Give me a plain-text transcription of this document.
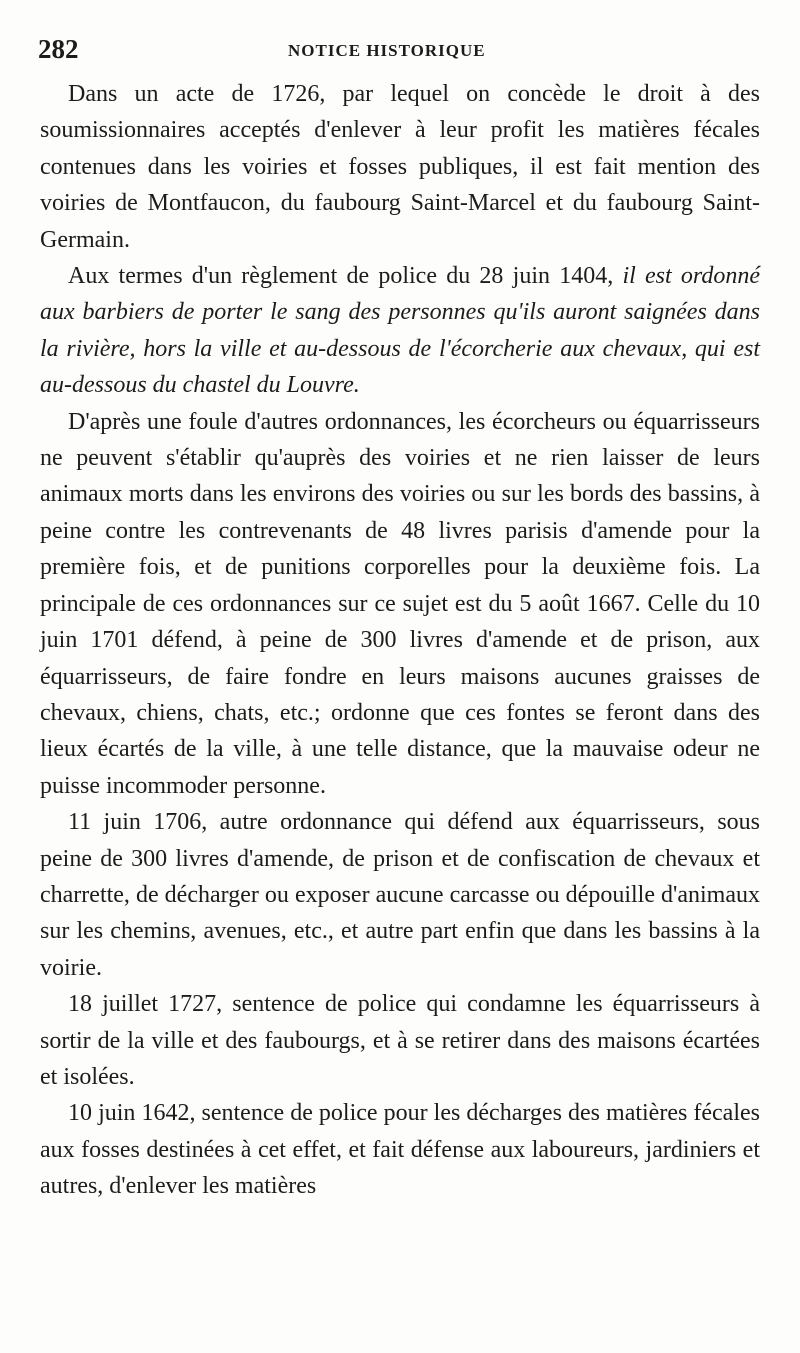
282	NOTICE HISTORIQUE

Dans un acte de 1726, par lequel on concède le droit à des soumissionnaires acceptés d'enlever à leur profit les matières fécales contenues dans les voiries et fosses publiques, il est fait mention des voiries de Montfaucon, du faubourg Saint-Marcel et du faubourg Saint-Germain.

Aux termes d'un règlement de police du 28 juin 1404, il est ordonné aux barbiers de porter le sang des personnes qu'ils auront saignées dans la rivière, hors la ville et au-dessous de l'écorcherie aux chevaux, qui est au-dessous du chastel du Louvre.

D'après une foule d'autres ordonnances, les écorcheurs ou équarrisseurs ne peuvent s'établir qu'auprès des voiries et ne rien laisser de leurs animaux morts dans les environs des voiries ou sur les bords des bassins, à peine contre les contrevenants de 48 livres parisis d'amende pour la première fois, et de punitions corporelles pour la deuxième fois. La principale de ces ordonnances sur ce sujet est du 5 août 1667. Celle du 10 juin 1701 défend, à peine de 300 livres d'amende et de prison, aux équarrisseurs, de faire fondre en leurs maisons aucunes graisses de chevaux, chiens, chats, etc.; ordonne que ces fontes se feront dans des lieux écartés de la ville, à une telle distance, que la mauvaise odeur ne puisse incommoder personne.

11 juin 1706, autre ordonnance qui défend aux équarrisseurs, sous peine de 300 livres d'amende, de prison et de confiscation de chevaux et charrette, de décharger ou exposer aucune carcasse ou dépouille d'animaux sur les chemins, avenues, etc., et autre part enfin que dans les bassins à la voirie.

18 juillet 1727, sentence de police qui condamne les équarrisseurs à sortir de la ville et des faubourgs, et à se retirer dans des maisons écartées et isolées.

10 juin 1642, sentence de police pour les décharges des matières fécales aux fosses destinées à cet effet, et fait défense aux laboureurs, jardiniers et autres, d'enlever les matières
